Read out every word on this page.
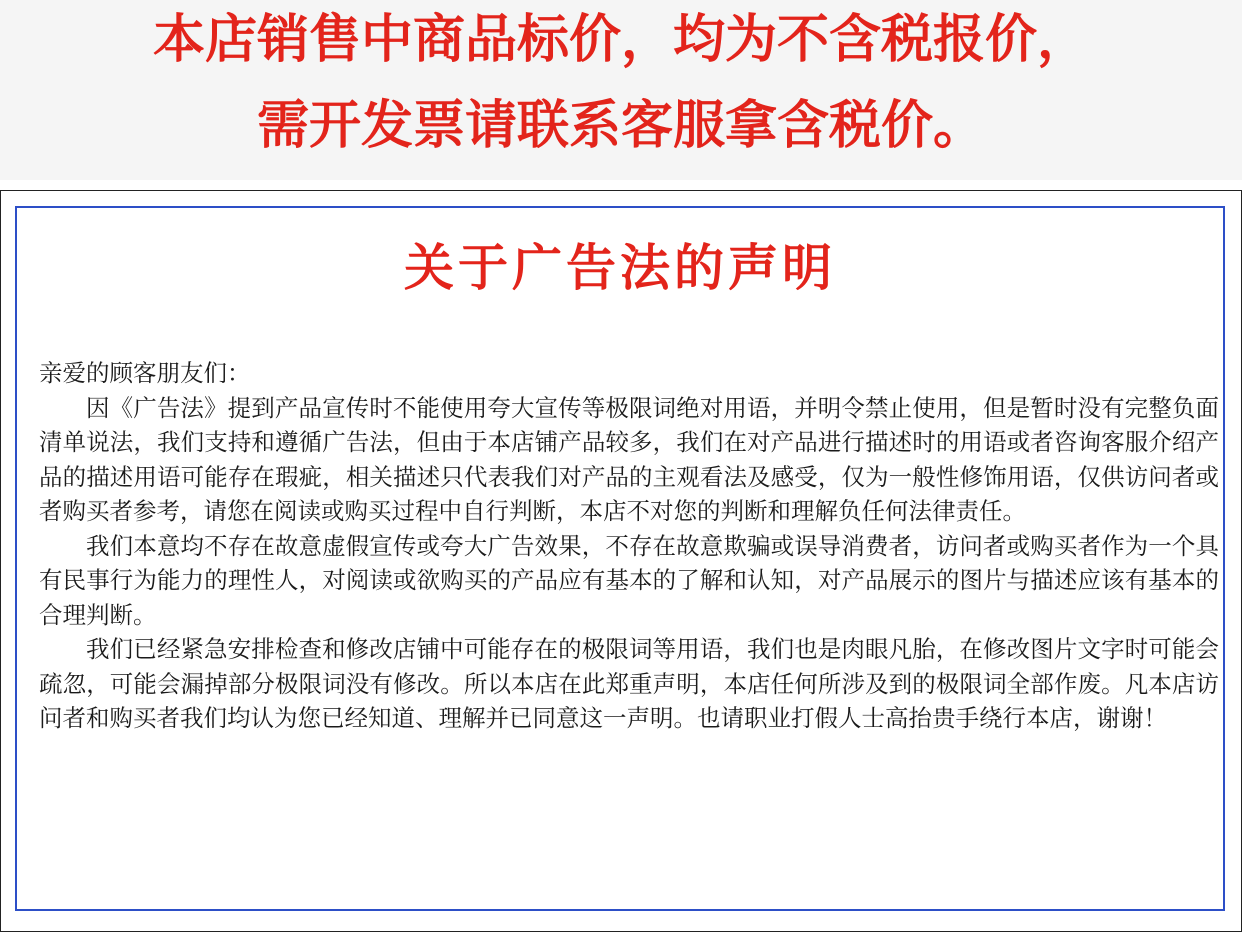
本店销售中商品标价，均为不含税报价，
需开发票请联系客服拿含税价。
关于广告法的声明

亲爱的顾客朋友们：

因《广告法》提到产品宣传时不能使用夸大宣传等极限词绝对用语，并明令禁止使用，但是暂时没有完整负面清单说法，我们支持和遵循广告法，但由于本店铺产品较多，我们在对产品进行描述时的用语或者咨询客服介绍产品的描述用语可能存在瑕疵，相关描述只代表我们对产品的主观看法及感受，仅为一般性修饰用语，仅供访问者或者购买者参考，请您在阅读或购买过程中自行判断，本店不对您的判断和理解负任何法律责任。

我们本意均不存在故意虚假宣传或夸大广告效果，不存在故意欺骗或误导消费者，访问者或购买者作为一个具有民事行为能力的理性人，对阅读或欲购买的产品应有基本的了解和认知，对产品展示的图片与描述应该有基本的合理判断。

我们已经紧急安排检查和修改店铺中可能存在的极限词等用语，我们也是肉眼凡胎，在修改图片文字时可能会疏忽，可能会漏掉部分极限词没有修改。所以本店在此郑重声明，本店任何所涉及到的极限词全部作废。凡本店访问者和购买者我们均认为您已经知道、理解并已同意这一声明。也请职业打假人士高抬贵手绕行本店，谢谢！
